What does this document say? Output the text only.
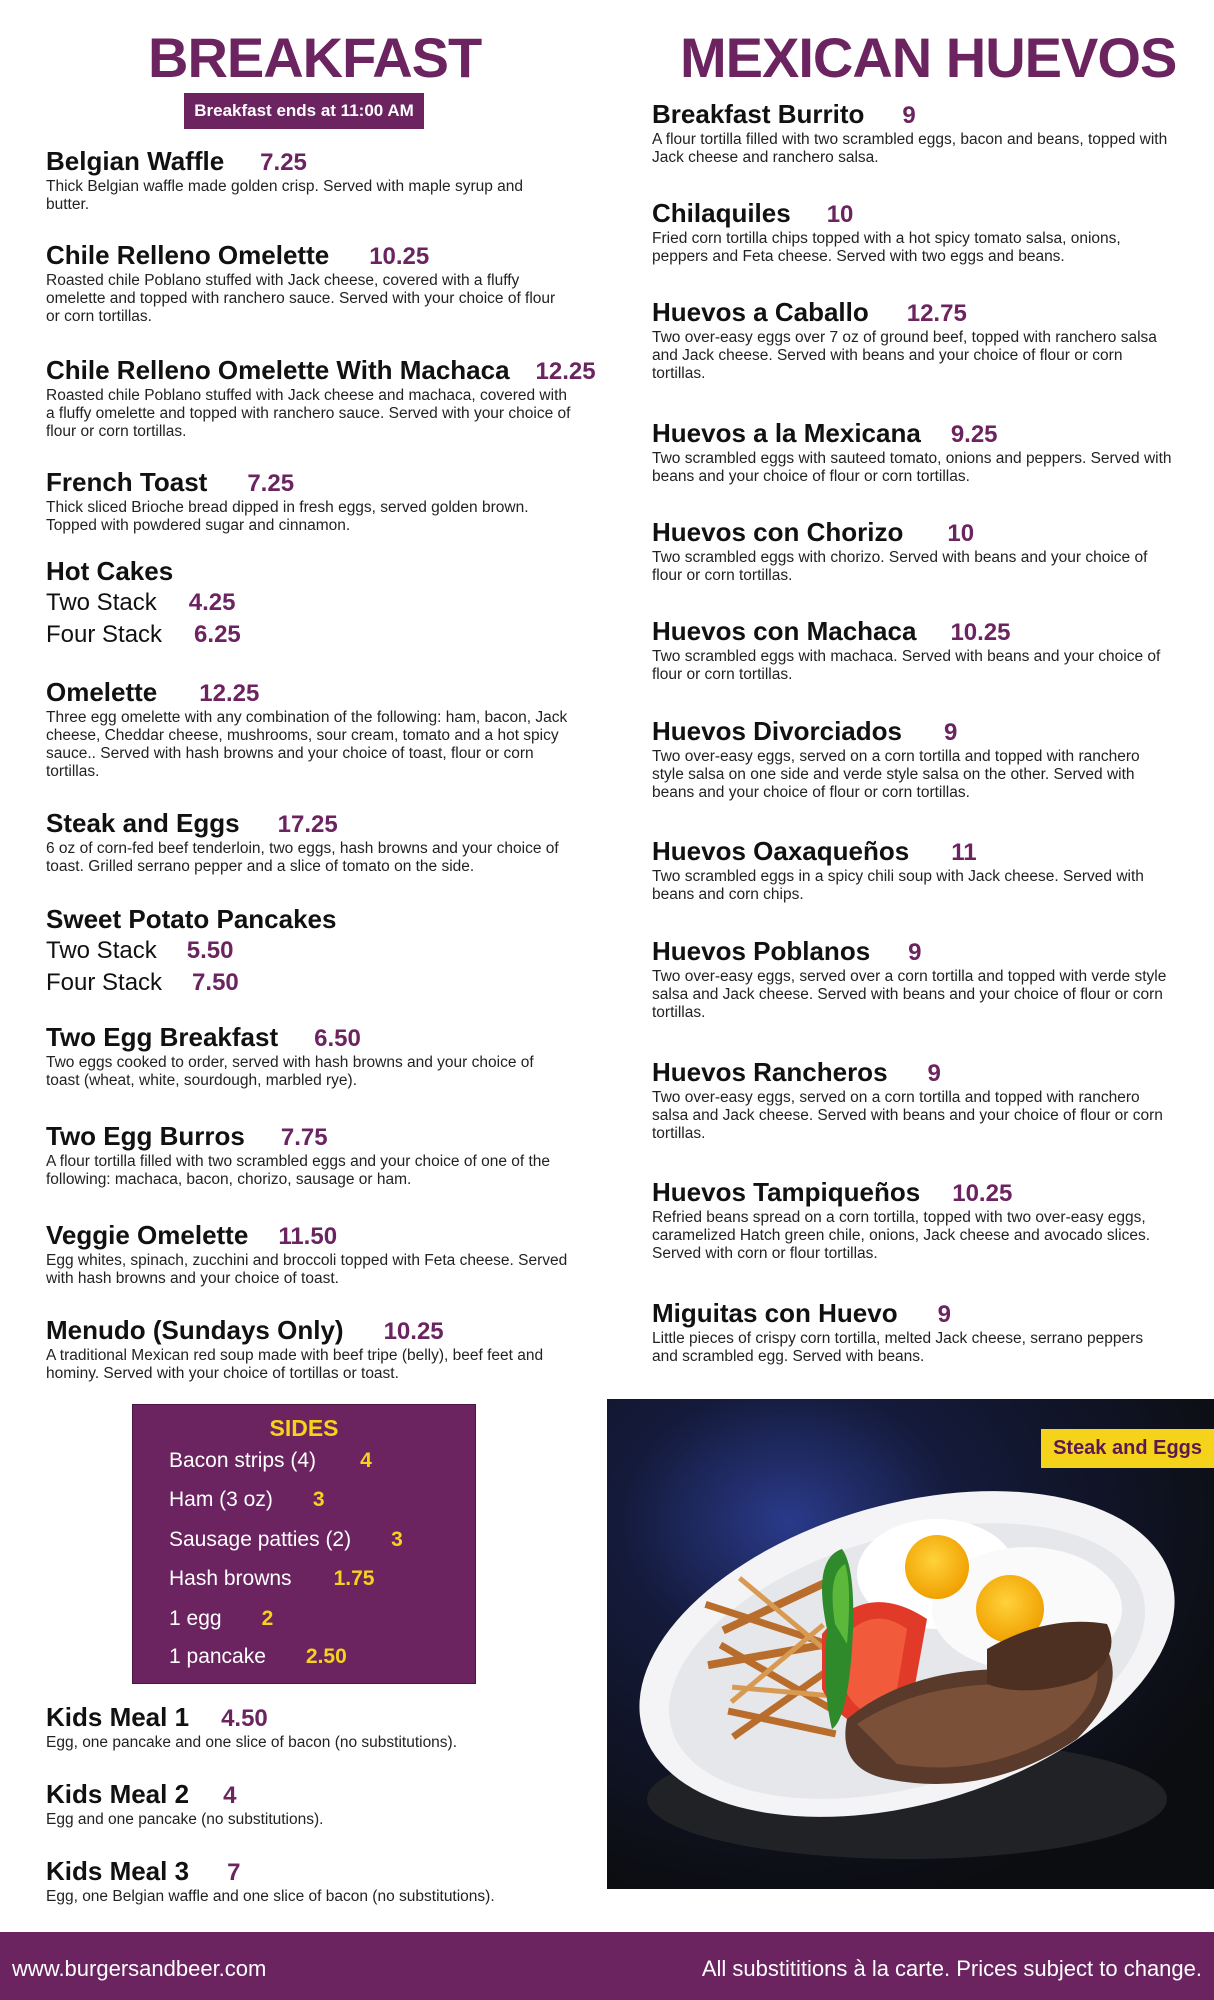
BREAKFAST	MEXICAN HUEVOS
Breakfast ends at 11:00 AM
Belgian Waffle 7.25
Thick Belgian waffle made golden crisp. Served with maple syrup and butter.
Chile Relleno Omelette 10.25
Roasted chile Poblano stuffed with Jack cheese, covered with a fluffy omelette and topped with ranchero sauce. Served with your choice of flour or corn tortillas.
Chile Relleno Omelette With Machaca 12.25
Roasted chile Poblano stuffed with Jack cheese and machaca, covered with a fluffy omelette and topped with ranchero sauce. Served with your choice of flour or corn tortillas.
French Toast 7.25
Thick sliced Brioche bread dipped in fresh eggs, served golden brown. Topped with powdered sugar and cinnamon.
Hot Cakes
Two Stack 4.25
Four Stack 6.25
Omelette 12.25
Three egg omelette with any combination of the following: ham, bacon, Jack cheese, Cheddar cheese, mushrooms, sour cream, tomato and a hot spicy sauce.. Served with hash browns and your choice of toast, flour or corn tortillas.
Steak and Eggs 17.25
6 oz of corn-fed beef tenderloin, two eggs, hash browns and your choice of toast. Grilled serrano pepper and a slice of tomato on the side.
Sweet Potato Pancakes
Two Stack 5.50
Four Stack 7.50
Two Egg Breakfast 6.50
Two eggs cooked to order, served with hash browns and your choice of toast (wheat, white, sourdough, marbled rye).
Two Egg Burros 7.75
A flour tortilla filled with two scrambled eggs and your choice of one of the following: machaca, bacon, chorizo, sausage or ham.
Veggie Omelette 11.50
Egg whites, spinach, zucchini and broccoli topped with Feta cheese. Served with hash browns and your choice of toast.
Menudo (Sundays Only) 10.25
A traditional Mexican red soup made with beef tripe (belly), beef feet and hominy. Served with your choice of tortillas or toast.
SIDES
Bacon strips (4) 4
Ham (3 oz) 3
Sausage patties (2) 3
Hash browns 1.75
1 egg 2
1 pancake 2.50
Kids Meal 1 4.50
Egg, one pancake and one slice of bacon (no substitutions).
Kids Meal 2 4
Egg and one pancake (no substitutions).
Kids Meal 3 7
Egg, one Belgian waffle and one slice of bacon (no substitutions).
Breakfast Burrito 9
A flour tortilla filled with two scrambled eggs, bacon and beans, topped with Jack cheese and ranchero salsa.
Chilaquiles 10
Fried corn tortilla chips topped with a hot spicy tomato salsa, onions, peppers and Feta cheese. Served with two eggs and beans.
Huevos a Caballo 12.75
Two over-easy eggs over 7 oz of ground beef, topped with ranchero salsa and Jack cheese. Served with beans and your choice of flour or corn tortillas.
Huevos a la Mexicana 9.25
Two scrambled eggs with sauteed tomato, onions and peppers. Served with beans and your choice of flour or corn tortillas.
Huevos con Chorizo 10
Two scrambled eggs with chorizo. Served with beans and your choice of flour or corn tortillas.
Huevos con Machaca 10.25
Two scrambled eggs with machaca. Served with beans and your choice of flour or corn tortillas.
Huevos Divorciados 9
Two over-easy eggs, served on a corn tortilla and topped with ranchero style salsa on one side and verde style salsa on the other. Served with beans and your choice of flour or corn tortillas.
Huevos Oaxaqueños 11
Two scrambled eggs in a spicy chili soup with Jack cheese. Served with beans and corn chips.
Huevos Poblanos 9
Two over-easy eggs, served over a corn tortilla and topped with verde style salsa and Jack cheese. Served with beans and your choice of flour or corn tortillas.
Huevos Rancheros 9
Two over-easy eggs, served on a corn tortilla and topped with ranchero salsa and Jack cheese. Served with beans and your choice of flour or corn tortillas.
Huevos Tampiqueños 10.25
Refried beans spread on a corn tortilla, topped with two over-easy eggs, caramelized Hatch green chile, onions, Jack cheese and avocado slices. Served with corn or flour tortillas.
Miguitas con Huevo 9
Little pieces of crispy corn tortilla, melted Jack cheese, serrano peppers and scrambled egg. Served with beans.
Steak and Eggs
www.burgersandbeer.com	All substititions à la carte. Prices subject to change.
